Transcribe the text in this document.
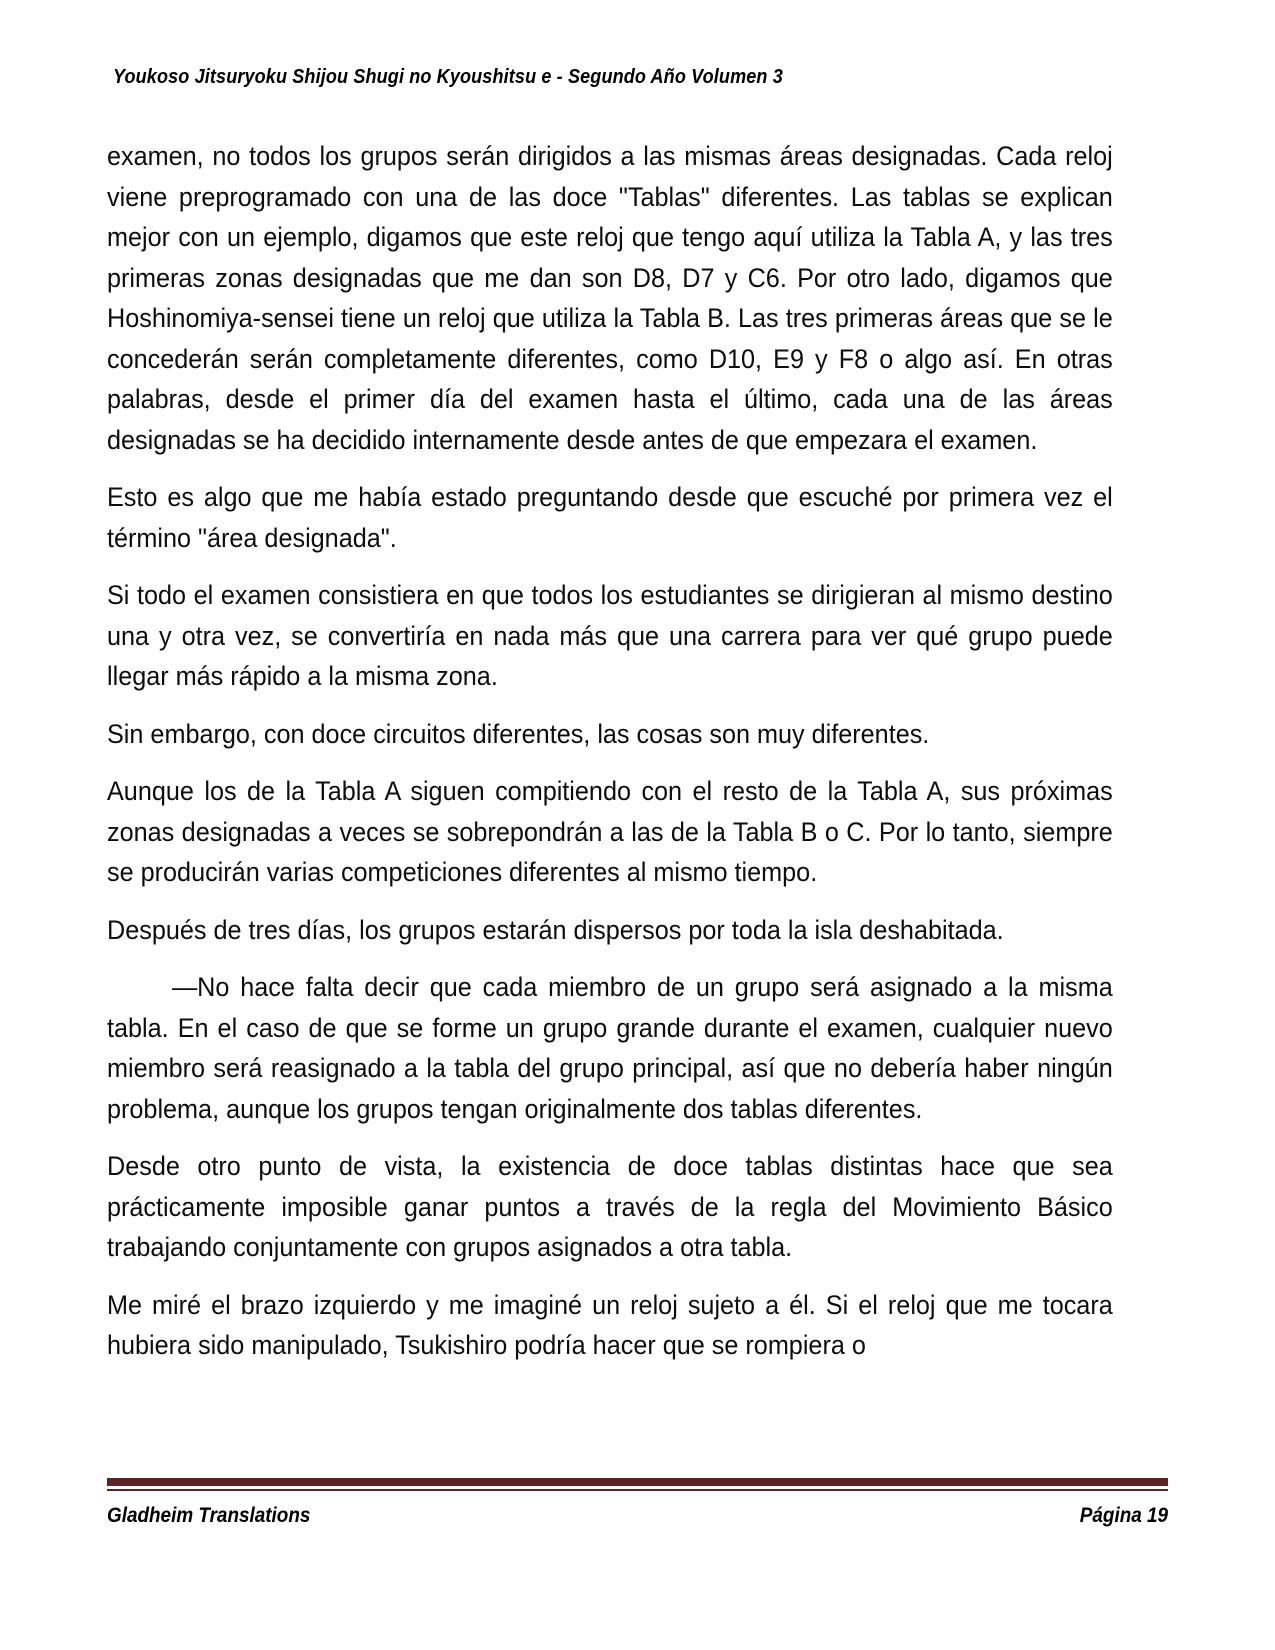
Youkoso Jitsuryoku Shijou Shugi no Kyoushitsu e - Segundo Año Volumen 3

examen, no todos los grupos serán dirigidos a las mismas áreas designadas. Cada reloj viene preprogramado con una de las doce "Tablas" diferentes. Las tablas se explican mejor con un ejemplo, digamos que este reloj que tengo aquí utiliza la Tabla A, y las tres primeras zonas designadas que me dan son D8, D7 y C6. Por otro lado, digamos que Hoshinomiya-sensei tiene un reloj que utiliza la Tabla B. Las tres primeras áreas que se le concederán serán completamente diferentes, como D10, E9 y F8 o algo así. En otras palabras, desde el primer día del examen hasta el último, cada una de las áreas designadas se ha decidido internamente desde antes de que empezara el examen.

Esto es algo que me había estado preguntando desde que escuché por primera vez el término "área designada".

Si todo el examen consistiera en que todos los estudiantes se dirigieran al mismo destino una y otra vez, se convertiría en nada más que una carrera para ver qué grupo puede llegar más rápido a la misma zona.

Sin embargo, con doce circuitos diferentes, las cosas son muy diferentes.

Aunque los de la Tabla A siguen compitiendo con el resto de la Tabla A, sus próximas zonas designadas a veces se sobrepondrán a las de la Tabla B o C. Por lo tanto, siempre se producirán varias competiciones diferentes al mismo tiempo.

Después de tres días, los grupos estarán dispersos por toda la isla deshabitada.

—No hace falta decir que cada miembro de un grupo será asignado a la misma tabla. En el caso de que se forme un grupo grande durante el examen, cualquier nuevo miembro será reasignado a la tabla del grupo principal, así que no debería haber ningún problema, aunque los grupos tengan originalmente dos tablas diferentes.

Desde otro punto de vista, la existencia de doce tablas distintas hace que sea prácticamente imposible ganar puntos a través de la regla del Movimiento Básico trabajando conjuntamente con grupos asignados a otra tabla.

Me miré el brazo izquierdo y me imaginé un reloj sujeto a él. Si el reloj que me tocara hubiera sido manipulado, Tsukishiro podría hacer que se rompiera o

Gladheim Translations	Página 19
